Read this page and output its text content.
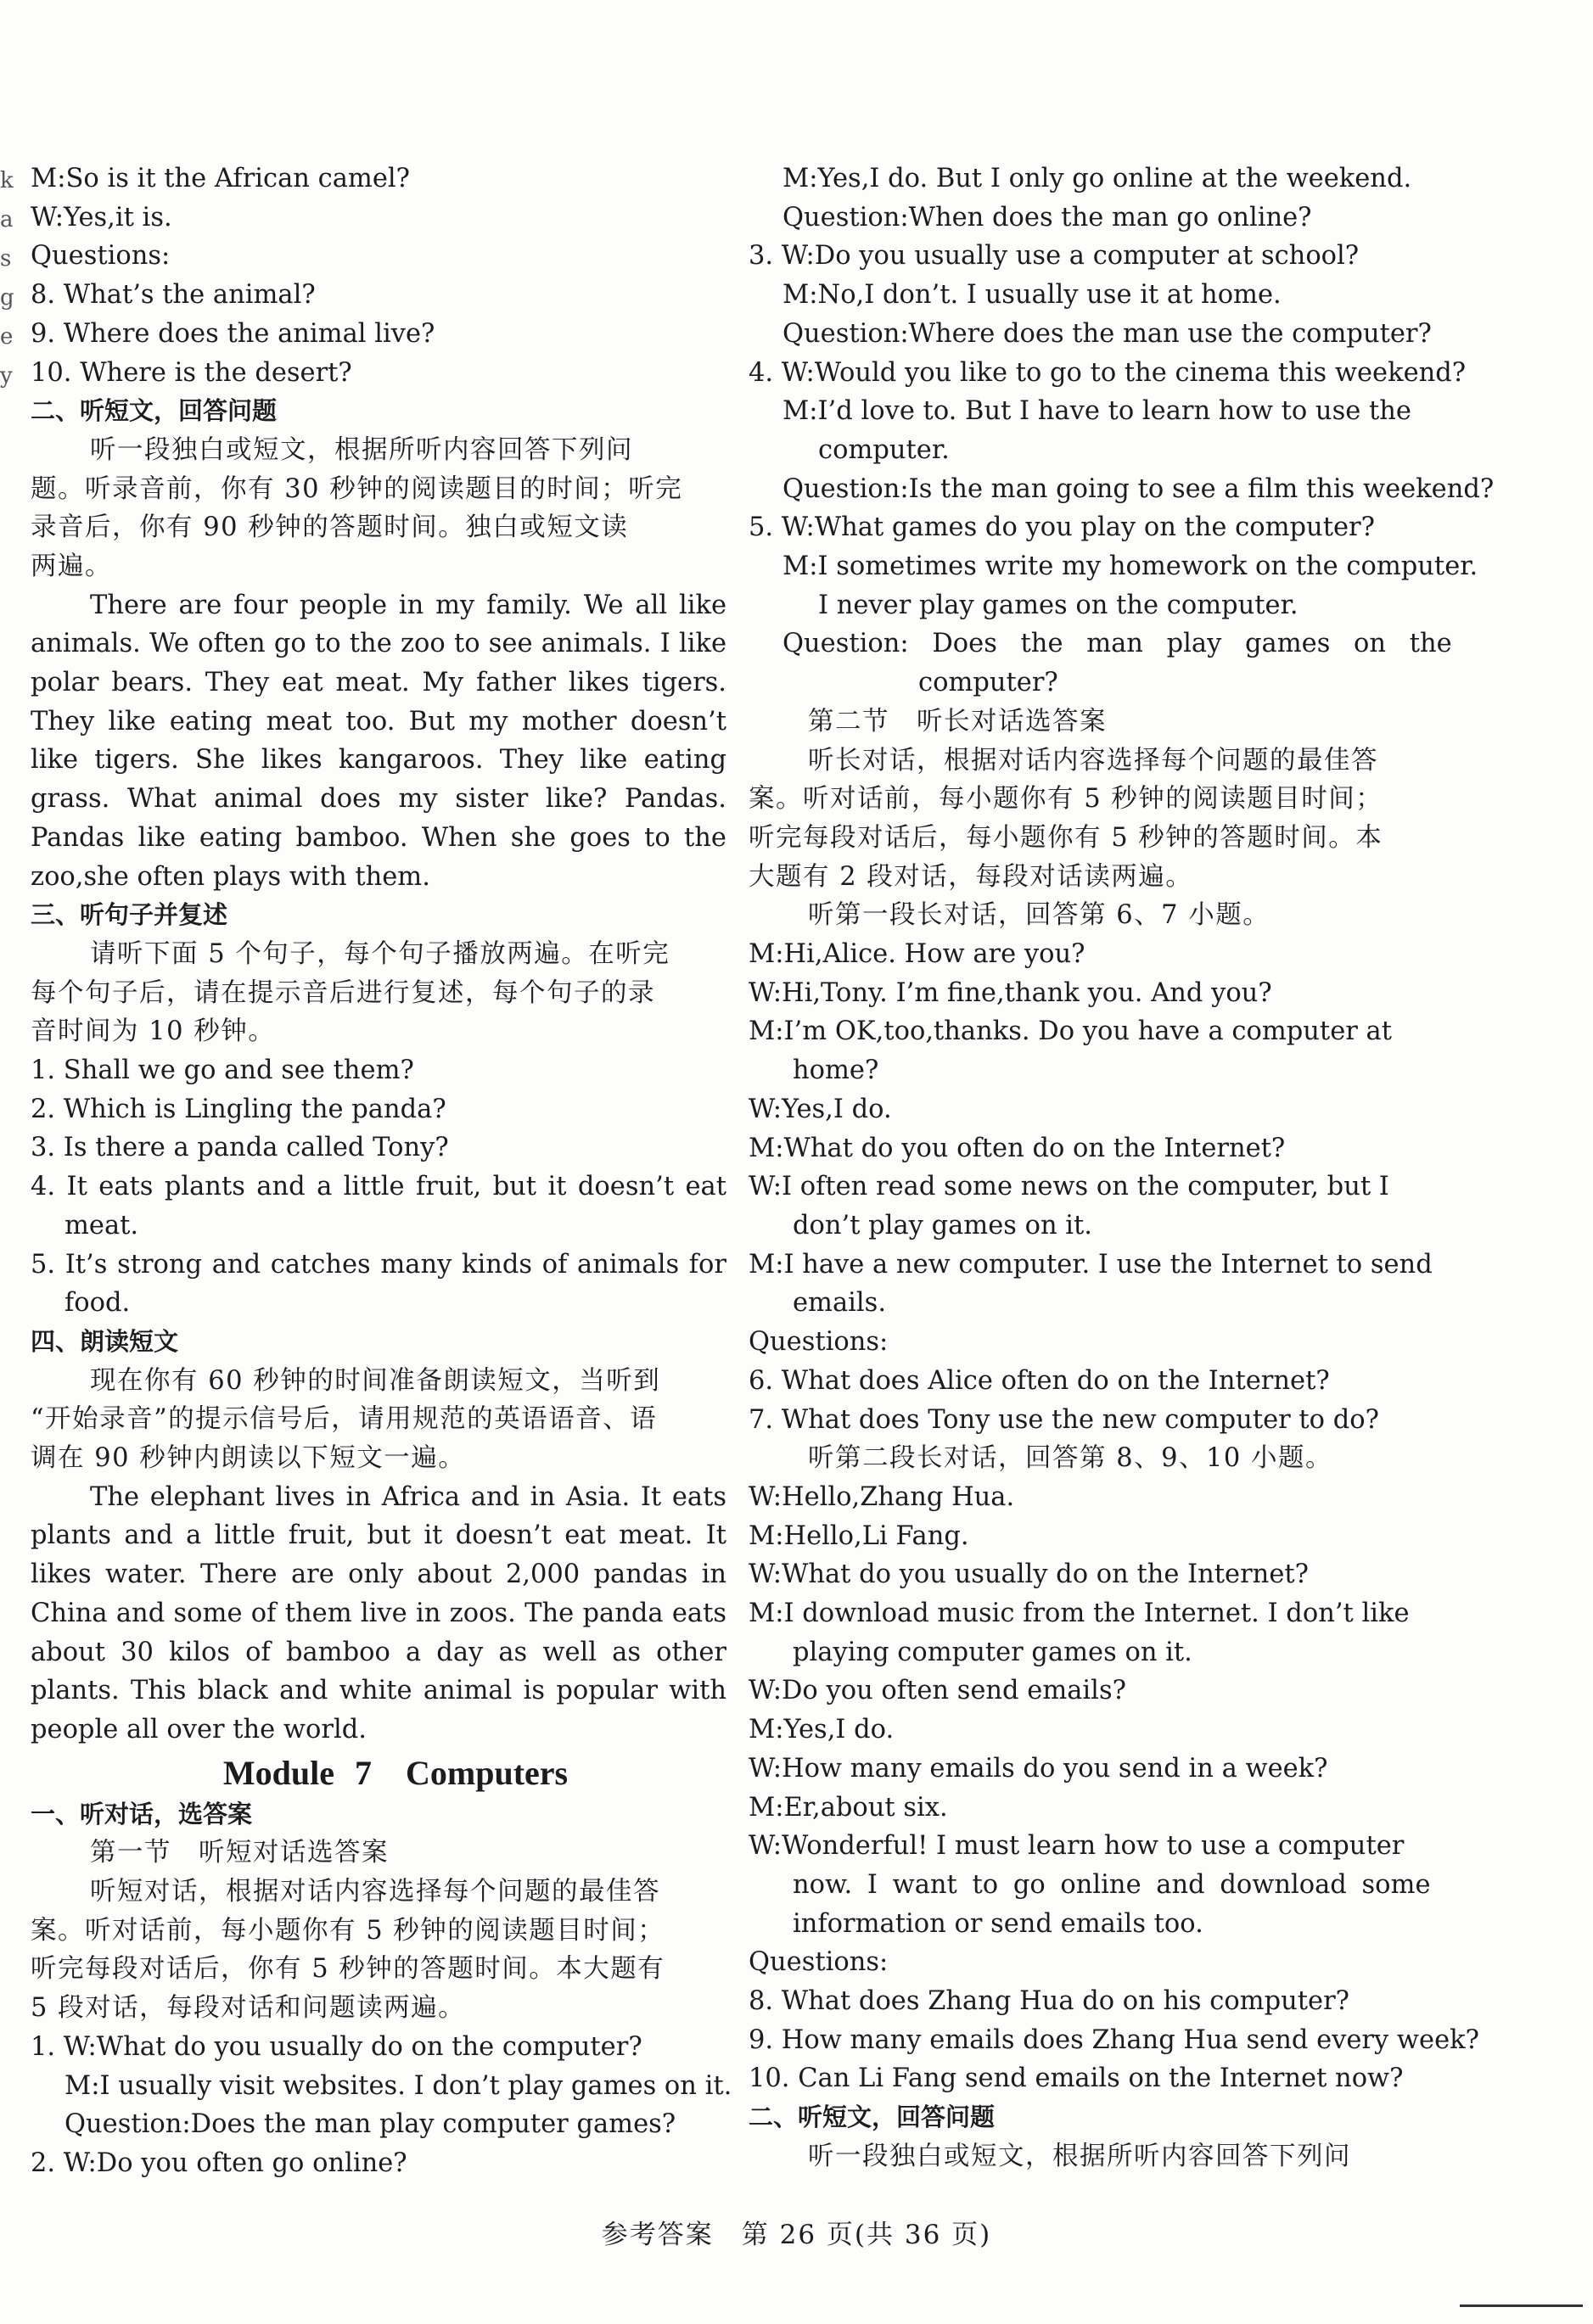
k
a
s
g
e
y
M:So is it the African camel?
W:Yes,it is.
Questions:
8. What’s the animal?
9. Where does the animal live?
10. Where is the desert?
二、听短文，回答问题
听一段独白或短文，根据所听内容回答下列问
题。听录音前，你有 30 秒钟的阅读题目的时间；听完
录音后，你有 90 秒钟的答题时间。独白或短文读
两遍。
There are four people in my family. We all like
animals. We often go to the zoo to see animals. I like
polar bears. They eat meat. My father likes tigers.
They like eating meat too. But my mother doesn’t
like tigers. She likes kangaroos. They like eating
grass. What animal does my sister like? Pandas.
Pandas like eating bamboo. When she goes to the
zoo,she often plays with them.
三、听句子并复述
请听下面 5 个句子，每个句子播放两遍。在听完
每个句子后，请在提示音后进行复述，每个句子的录
音时间为 10 秒钟。
1. Shall we go and see them?
2. Which is Lingling the panda?
3. Is there a panda called Tony?
4. It eats plants and a little fruit, but it doesn’t eat
meat.
5. It’s strong and catches many kinds of animals for
food.
四、朗读短文
现在你有 60 秒钟的时间准备朗读短文，当听到
“开始录音”的提示信号后，请用规范的英语语音、语
调在 90 秒钟内朗读以下短文一遍。
The elephant lives in Africa and in Asia. It eats
plants and a little fruit, but it doesn’t eat meat. It
likes water. There are only about 2,000 pandas in
China and some of them live in zoos. The panda eats
about 30 kilos of bamboo a day as well as other
plants. This black and white animal is popular with
people all over the world.
Module 7　Computers
一、听对话，选答案
第一节　听短对话选答案
听短对话，根据对话内容选择每个问题的最佳答
案。听对话前，每小题你有 5 秒钟的阅读题目时间；
听完每段对话后，你有 5 秒钟的答题时间。本大题有
5 段对话，每段对话和问题读两遍。
1. W:What do you usually do on the computer?
M:I usually visit websites. I don’t play games on it.
Question:Does the man play computer games?
2. W:Do you often go online?
M:Yes,I do. But I only go online at the weekend.
Question:When does the man go online?
3. W:Do you usually use a computer at school?
M:No,I don’t. I usually use it at home.
Question:Where does the man use the computer?
4. W:Would you like to go to the cinema this weekend?
M:I’d love to. But I have to learn how to use the
computer.
Question:Is the man going to see a film this weekend?
5. W:What games do you play on the computer?
M:I sometimes write my homework on the computer.
I never play games on the computer.
Question: Does the man play games on the
computer?
第二节　听长对话选答案
听长对话，根据对话内容选择每个问题的最佳答
案。听对话前，每小题你有 5 秒钟的阅读题目时间；
听完每段对话后，每小题你有 5 秒钟的答题时间。本
大题有 2 段对话，每段对话读两遍。
听第一段长对话，回答第 6、7 小题。
M:Hi,Alice. How are you?
W:Hi,Tony. I’m fine,thank you. And you?
M:I’m OK,too,thanks. Do you have a computer at
home?
W:Yes,I do.
M:What do you often do on the Internet?
W:I often read some news on the computer, but I
don’t play games on it.
M:I have a new computer. I use the Internet to send
emails.
Questions:
6. What does Alice often do on the Internet?
7. What does Tony use the new computer to do?
听第二段长对话，回答第 8、9、10 小题。
W:Hello,Zhang Hua.
M:Hello,Li Fang.
W:What do you usually do on the Internet?
M:I download music from the Internet. I don’t like
playing computer games on it.
W:Do you often send emails?
M:Yes,I do.
W:How many emails do you send in a week?
M:Er,about six.
W:Wonderful! I must learn how to use a computer
now. I want to go online and download some
information or send emails too.
Questions:
8. What does Zhang Hua do on his computer?
9. How many emails does Zhang Hua send every week?
10. Can Li Fang send emails on the Internet now?
二、听短文，回答问题
听一段独白或短文，根据所听内容回答下列问
参考答案　第 26 页(共 36 页)
